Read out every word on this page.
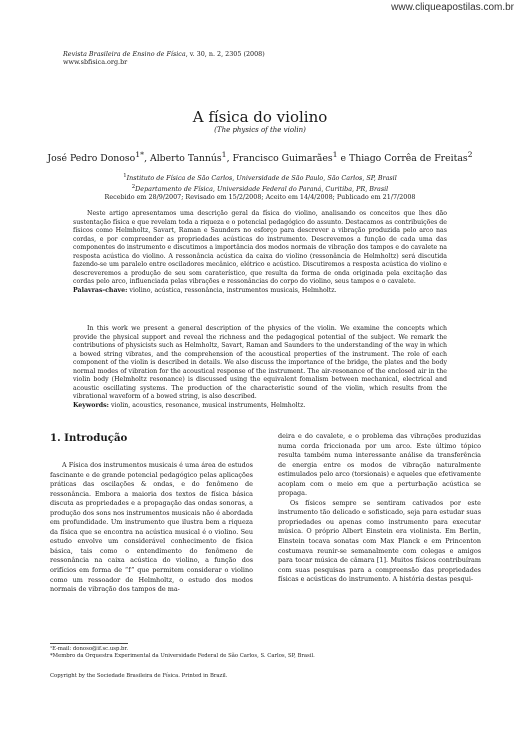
www.cliqueapostilas.com.br
Revista Brasileira de Ensino de Física, v. 30, n. 2, 2305 (2008)
www.sbfisica.org.br
A física do violino
(The physics of the violin)
José Pedro Donoso$^{1*}$, Alberto Tannús$^1$, Francisco Guimarães$^1$ e Thiago Corrêa de Freitas$^2$
$^1$Instituto de Física de São Carlos, Universidade de São Paulo, São Carlos, SP, Brasil
$^2$Departamento de Física, Universidade Federal do Paraná, Curitiba, PR, Brasil
Recebido em 28/9/2007; Revisado em 15/2/2008; Aceito em 14/4/2008; Publicado em 21/7/2008

Neste artigo apresentamos uma descrição geral da física do violino, analisando os conceitos que lhes dão sustentação física e que revelam toda a riqueza e o potencial pedagógico do assunto. Destacamos as contribuições de físicos como Helmholtz, Savart, Raman e Saunders no esforço para descrever a vibração produzida pelo arco nas cordas, e por compreender as propriedades acústicas do instrumento. Descrevemos a função de cada uma das componentes do instrumento e discutimos a importância dos modos normais de vibração dos tampos e do cavalete na resposta acústica do violino. A ressonância acústica da caixa do violino (ressonância de Helmholtz) será discutida fazendo-se um paralelo entre osciladores mecânico, elétrico e acústico. Discutiremos a resposta acústica do violino e descreveremos a produção de seu som caraterístico, que resulta da forma de onda originada pela excitação das cordas pelo arco, influenciada pelas vibrações e ressonâncias do corpo do violino, seus tampos e o cavalete.

Palavras-chave: violino, acústica, ressonância, instrumentos musicais, Helmholtz.

In this work we present a general description of the physics of the violin. We examine the concepts which provide the physical support and reveal the richness and the pedagogical potential of the subject. We remark the contributions of physicists such as Helmholtz, Savart, Raman and Saunders to the understanding of the way in which a bowed string vibrates, and the comprehension of the acoustical properties of the instrument. The role of each component of the violin is described in details. We also discuss the importance of the bridge, the plates and the body normal modes of vibration for the acoustical response of the instrument. The air-resonance of the enclosed air in the violin body (Helmholtz resonance) is discussed using the equivalent fomalism between mechanical, electrical and acoustic oscillating systems. The production of the characteristic sound of the violin, which results from the vibrational waveform of a bowed string, is also described.

Keywords: violin, acoustics, resonance, musical instruments, Helmholtz.
1. Introdução

A Física dos instrumentos musicais é uma área de estudos fascinante e de grande potencial pedagógico pelas aplicações práticas das oscilações & ondas, e do fenômeno de ressonância. Embora a maioria dos textos de física básica discuta as propriedades e a propagação das ondas sonoras, a produção dos sons nos instrumentos musicais não é abordada em profundidade. Um instrumento que ilustra bem a riqueza da física que se encontra na acústica musical é o violino. Seu estudo envolve um considerável conhecimento de física básica, tais como o entendimento do fenômeno de ressonância na caixa acústica do violino, a função dos orifícios em forma de “f” que permitem considerar o violino como um ressoador de Helmholtz, o estudo dos modos normais de vibração dos tampos de ma-

deira e do cavalete, e o problema das vibrações produzidas numa corda friccionada por um arco. Este último tópico resulta também numa interessante análise da transferência de energia entre os modos de vibração naturalmente estimulados pelo arco (torsionais) e aqueles que efetivamente acoplam com o meio em que a perturbação acústica se propaga.

Os físicos sempre se sentiram cativados por este instrumento tão delicado e sofisticado, seja para estudar suas propriedades ou apenas como instrumento para executar música. O próprio Albert Einstein era violinista. Em Berlin, Einstein tocava sonatas com Max Planck e em Princenton costumava reunir-se semanalmente com colegas e amigos para tocar música de câmara [1]. Muitos físicos contribuíram com suas pesquisas para a compreensão das propriedades físicas e acústicas do instrumento. A história destas pesqui-

¹E-mail: donoso@if.sc.usp.br.
*Membro da Orquestra Experimental da Universidade Federal de São Carlos, S. Carlos, SP, Brasil.
Copyright by the Sociedade Brasileira de Física. Printed in Brazil.
